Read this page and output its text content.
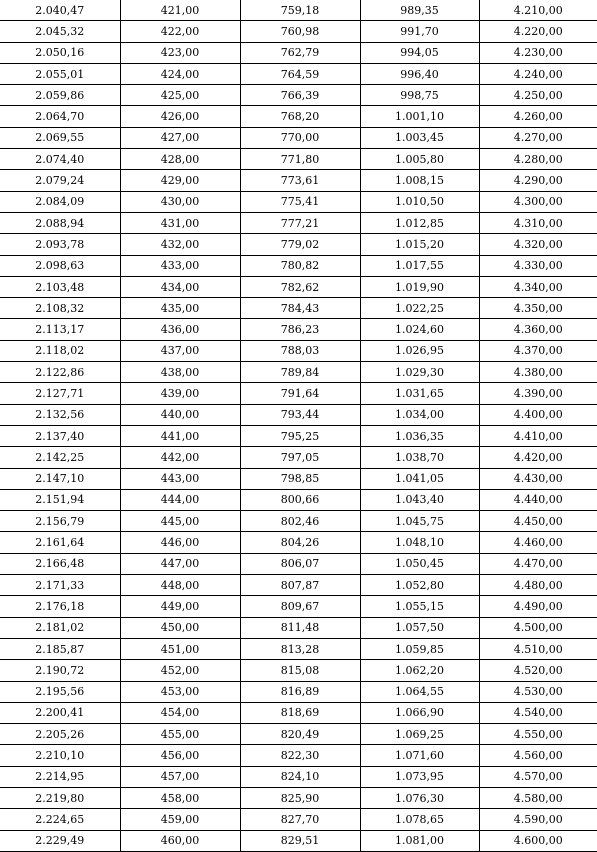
2.040,47	421,00	759,18	989,35	4.210,00
2.045,32	422,00	760,98	991,70	4.220,00
2.050,16	423,00	762,79	994,05	4.230,00
2.055,01	424,00	764,59	996,40	4.240,00
2.059,86	425,00	766,39	998,75	4.250,00
2.064,70	426,00	768,20	1.001,10	4.260,00
2.069,55	427,00	770,00	1.003,45	4.270,00
2.074,40	428,00	771,80	1.005,80	4.280,00
2.079,24	429,00	773,61	1.008,15	4.290,00
2.084,09	430,00	775,41	1.010,50	4.300,00
2.088,94	431,00	777,21	1.012,85	4.310,00
2.093,78	432,00	779,02	1.015,20	4.320,00
2.098,63	433,00	780,82	1.017,55	4.330,00
2.103,48	434,00	782,62	1.019,90	4.340,00
2.108,32	435,00	784,43	1.022,25	4.350,00
2.113,17	436,00	786,23	1.024,60	4.360,00
2.118,02	437,00	788,03	1.026,95	4.370,00
2.122,86	438,00	789,84	1.029,30	4.380,00
2.127,71	439,00	791,64	1.031,65	4.390,00
2.132,56	440,00	793,44	1.034,00	4.400,00
2.137,40	441,00	795,25	1.036,35	4.410,00
2.142,25	442,00	797,05	1.038,70	4.420,00
2.147,10	443,00	798,85	1.041,05	4.430,00
2.151,94	444,00	800,66	1.043,40	4.440,00
2.156,79	445,00	802,46	1.045,75	4.450,00
2.161,64	446,00	804,26	1.048,10	4.460,00
2.166,48	447,00	806,07	1.050,45	4.470,00
2.171,33	448,00	807,87	1.052,80	4.480,00
2.176,18	449,00	809,67	1.055,15	4.490,00
2.181,02	450,00	811,48	1.057,50	4.500,00
2.185,87	451,00	813,28	1.059,85	4.510,00
2.190,72	452,00	815,08	1.062,20	4.520,00
2.195,56	453,00	816,89	1.064,55	4.530,00
2.200,41	454,00	818,69	1.066,90	4.540,00
2.205,26	455,00	820,49	1.069,25	4.550,00
2.210,10	456,00	822,30	1.071,60	4.560,00
2.214,95	457,00	824,10	1.073,95	4.570,00
2.219,80	458,00	825,90	1.076,30	4.580,00
2.224,65	459,00	827,70	1.078,65	4.590,00
2.229,49	460,00	829,51	1.081,00	4.600,00
